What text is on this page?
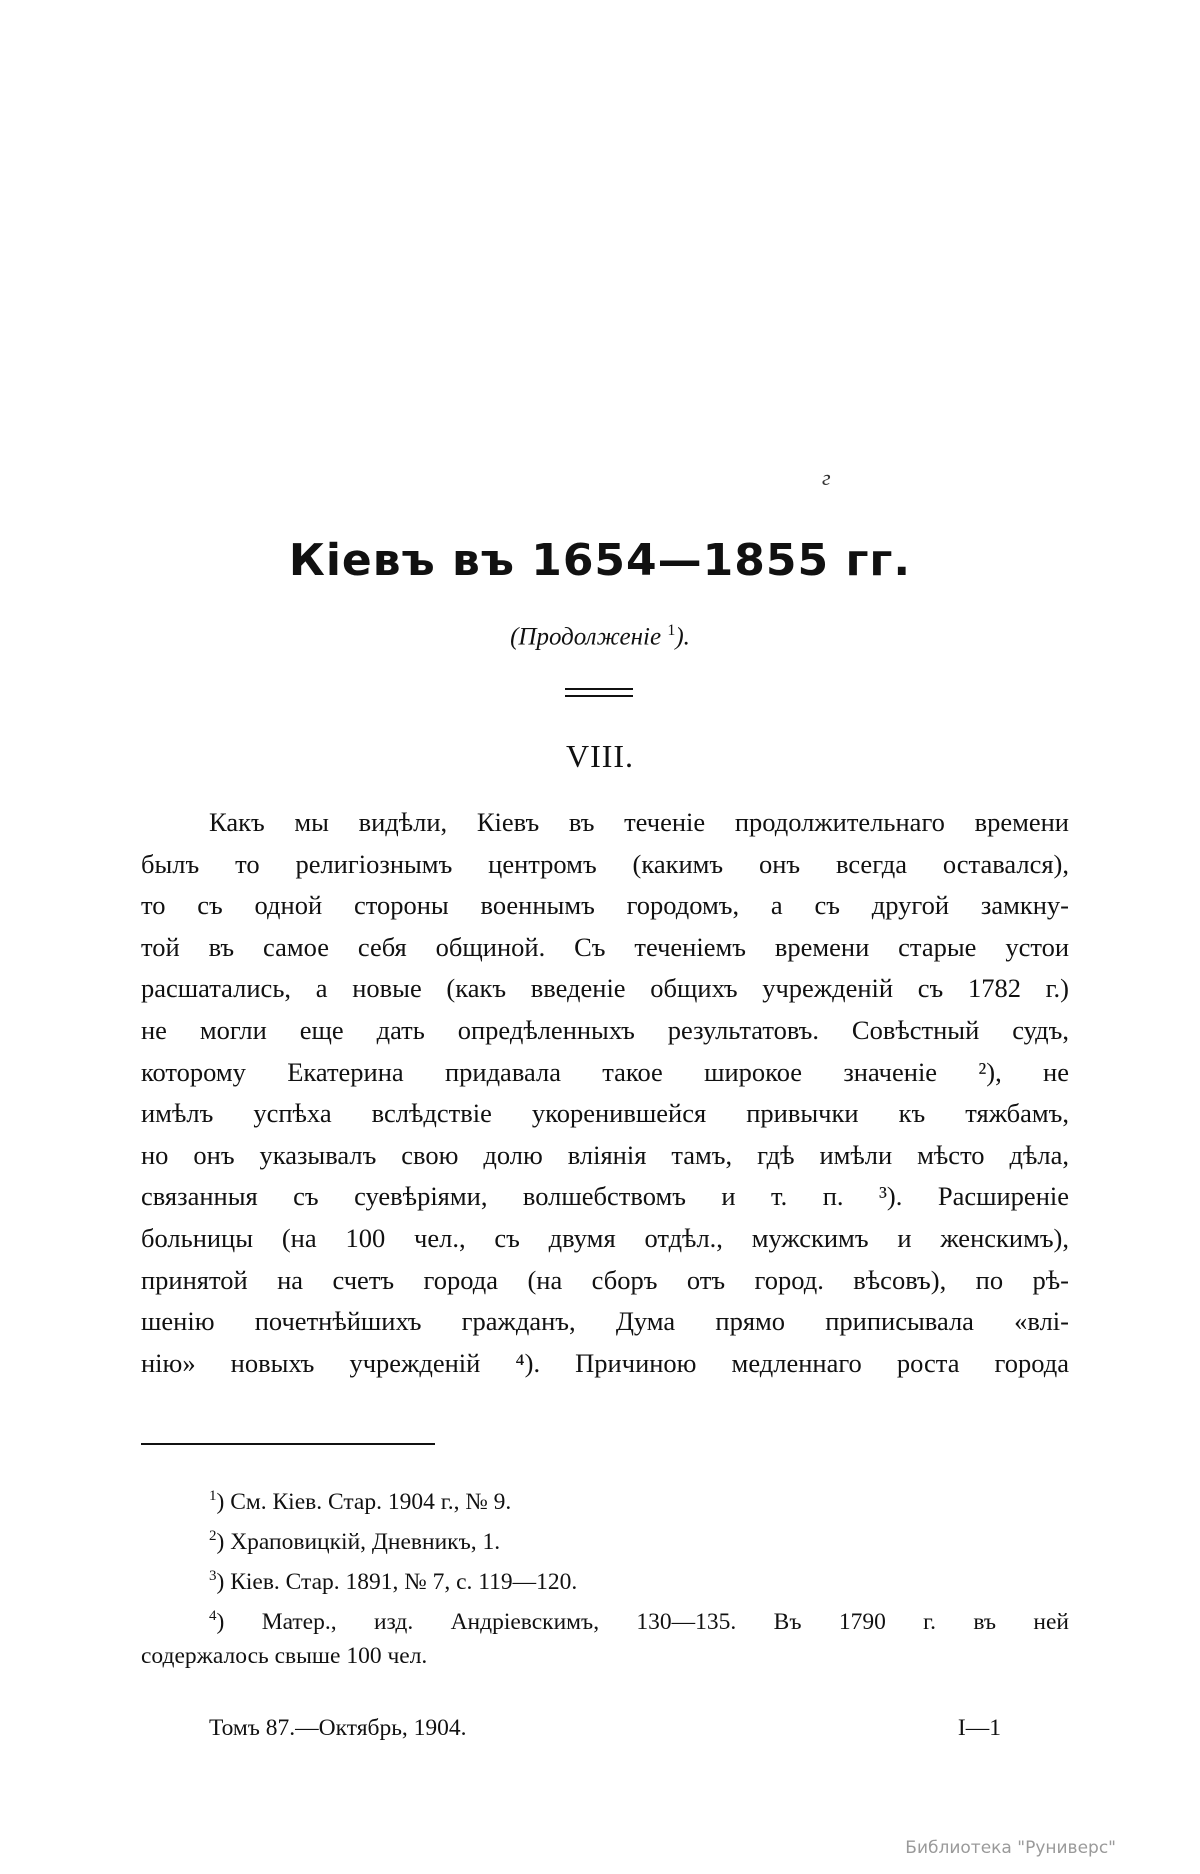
г
Кіевъ въ 1654—1855 гг.
(Продолженіе $^1$).
VIII.
Какъ мы видѣли, Кіевъ въ теченіе продолжительнаго времени
былъ то религіознымъ центромъ (какимъ онъ всегда оставался),
то съ одной стороны военнымъ городомъ, а съ другой замкну-
той въ самое себя общиной. Съ теченіемъ времени старые устои
расшатались, а новые (какъ введеніе общихъ учрежденій съ 1782 г.)
не могли еще дать опредѣленныхъ результатовъ. Совѣстный судъ,
которому Екатерина придавала такое широкое значеніе ²), не
имѣлъ успѣха вслѣдствіе укоренившейся привычки къ тяжбамъ,
но онъ указывалъ свою долю вліянія тамъ, гдѣ имѣли мѣсто дѣла,
связанныя съ суевѣріями, волшебствомъ и т. п. ³). Расширеніе
больницы (на 100 чел., съ двумя отдѣл., мужскимъ и женскимъ),
принятой на счетъ города (на сборъ отъ город. вѣсовъ), по рѣ-
шенію почетнѣйшихъ гражданъ, Дума прямо приписывала «влі-
нію» новыхъ учрежденій ⁴). Причиною медленнаго роста города
$^1$) См. Кіев. Стар. 1904 г., № 9.
$^2$) Храповицкій, Дневникъ, 1.
$^3$) Кіев. Стар. 1891, № 7, с. 119—120.
$^4$) Матер., изд. Андріевскимъ, 130—135. Въ 1790 г. въ ней
содержалось свыше 100 чел.
Томъ 87.—Октябрь, 1904.	I—1
Библиотека "Руниверс"
